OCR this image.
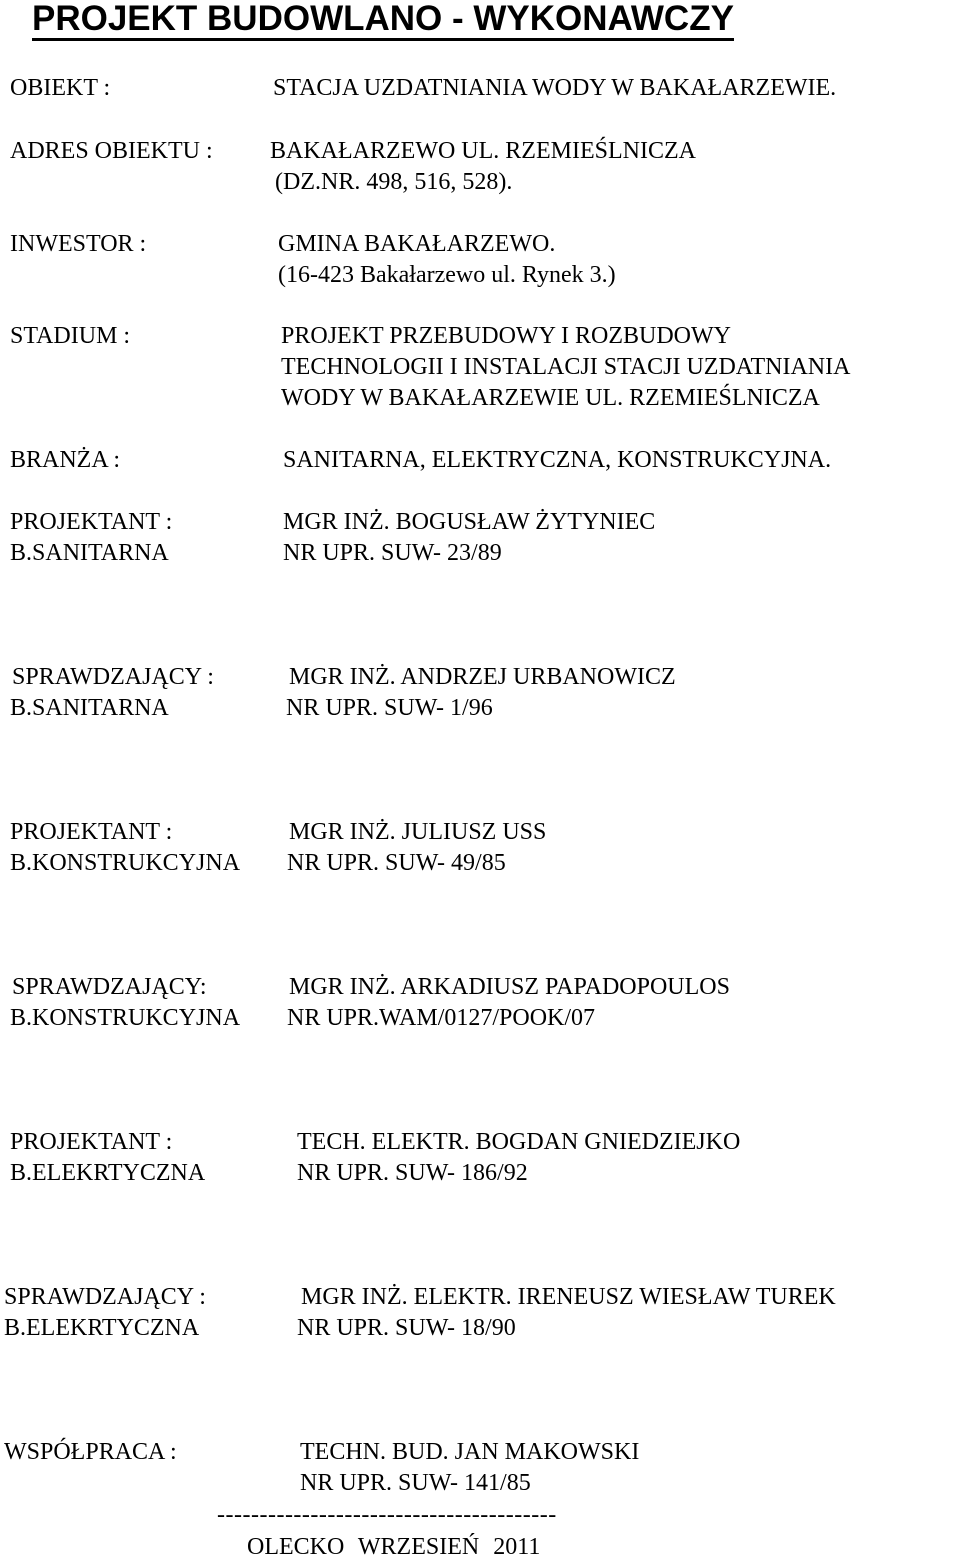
PROJEKT BUDOWLANO - WYKONAWCZY

OBIEKT :	STACJA UZDATNIANIA WODY W BAKAŁARZEWIE.

ADRES OBIEKTU : BAKAŁARZEWO UL. RZEMIEŚLNICZA

(DZ.NR. 498, 516, 528).

INWESTOR :	GMINA BAKAŁARZEWO.

(16-423 Bakałarzewo ul. Rynek 3.)

STADIUM :	PROJEKT PRZEBUDOWY I ROZBUDOWY

TECHNOLOGII I INSTALACJI STACJI UZDATNIANIA

WODY W BAKAŁARZEWIE UL. RZEMIEŚLNICZA

BRANŻA :	SANITARNA, ELEKTRYCZNA, KONSTRUKCYJNA.

PROJEKTANT :	MGR INŻ. BOGUSŁAW ŻYTYNIEC

B.SANITARNA	NR UPR. SUW- 23/89

SPRAWDZAJĄCY :	MGR INŻ. ANDRZEJ URBANOWICZ

B.SANITARNA	NR UPR. SUW- 1/96

PROJEKTANT :	MGR INŻ. JULIUSZ USS

B.KONSTRUKCYJNA NR UPR. SUW- 49/85

SPRAWDZAJĄCY:	MGR INŻ. ARKADIUSZ PAPADOPOULOS

B.KONSTRUKCYJNA NR UPR.WAM/0127/POOK/07

PROJEKTANT :	TECH. ELEKTR. BOGDAN GNIEDZIEJKO

B.ELEKRTYCZNA	NR UPR. SUW- 186/92

SPRAWDZAJĄCY :	MGR INŻ. ELEKTR. IRENEUSZ WIESŁAW TUREK

B.ELEKRTYCZNA	NR UPR. SUW- 18/90

WSPÓŁPRACA :	TECHN. BUD. JAN MAKOWSKI

NR UPR. SUW- 141/85

----------------------------------------

OLECKO WRZESIEŃ 2011
